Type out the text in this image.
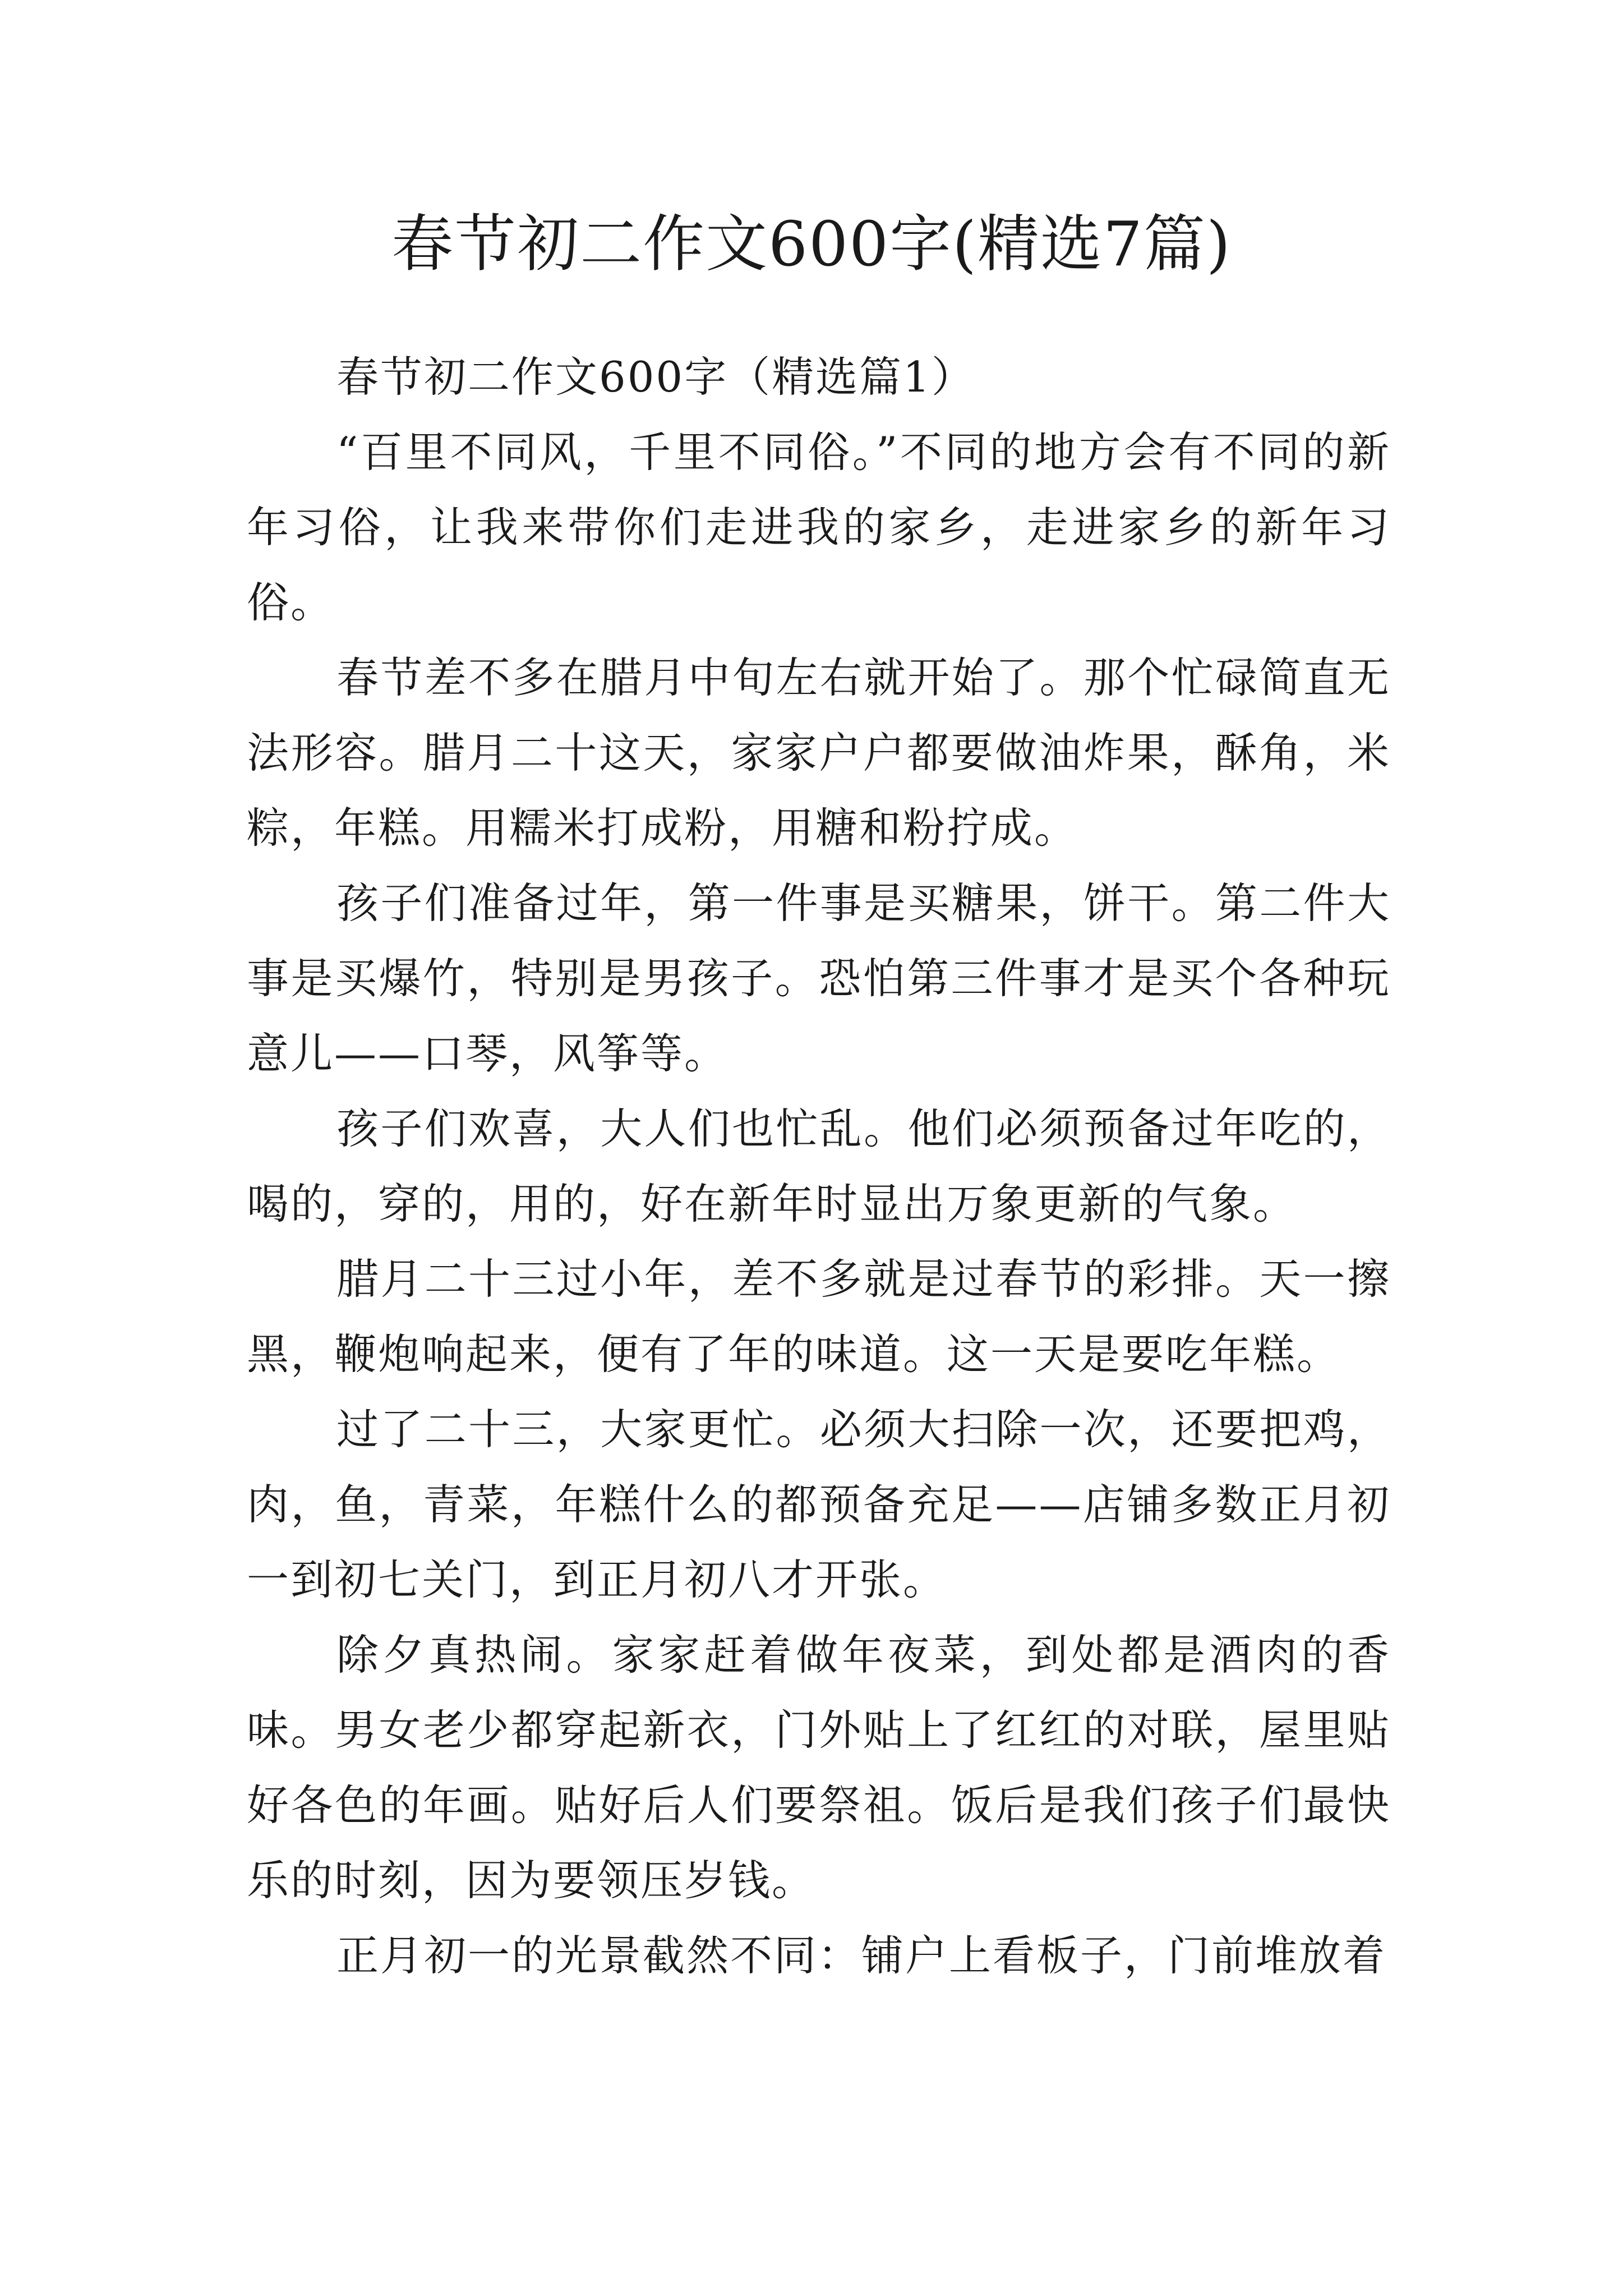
春节初二作文600字(精选7篇)

春节初二作文600字（精选篇1）

“百里不同风，千里不同俗。”不同的地方会有不同的新年习俗，让我来带你们走进我的家乡，走进家乡的新年习俗。

春节差不多在腊月中旬左右就开始了。那个忙碌简直无法形容。腊月二十这天，家家户户都要做油炸果，酥角，米粽，年糕。用糯米打成粉，用糖和粉拧成。

孩子们准备过年，第一件事是买糖果，饼干。第二件大事是买爆竹，特别是男孩子。恐怕第三件事才是买个各种玩意儿——口琴，风筝等。

孩子们欢喜，大人们也忙乱。他们必须预备过年吃的，喝的，穿的，用的，好在新年时显出万象更新的气象。

腊月二十三过小年，差不多就是过春节的彩排。天一擦黑，鞭炮响起来，便有了年的味道。这一天是要吃年糕。

过了二十三，大家更忙。必须大扫除一次，还要把鸡，肉，鱼，青菜，年糕什么的都预备充足——店铺多数正月初一到初七关门，到正月初八才开张。

除夕真热闹。家家赶着做年夜菜，到处都是酒肉的香味。男女老少都穿起新衣，门外贴上了红红的对联，屋里贴好各色的年画。贴好后人们要祭祖。饭后是我们孩子们最快乐的时刻，因为要领压岁钱。

正月初一的光景截然不同：铺户上看板子，门前堆放着
